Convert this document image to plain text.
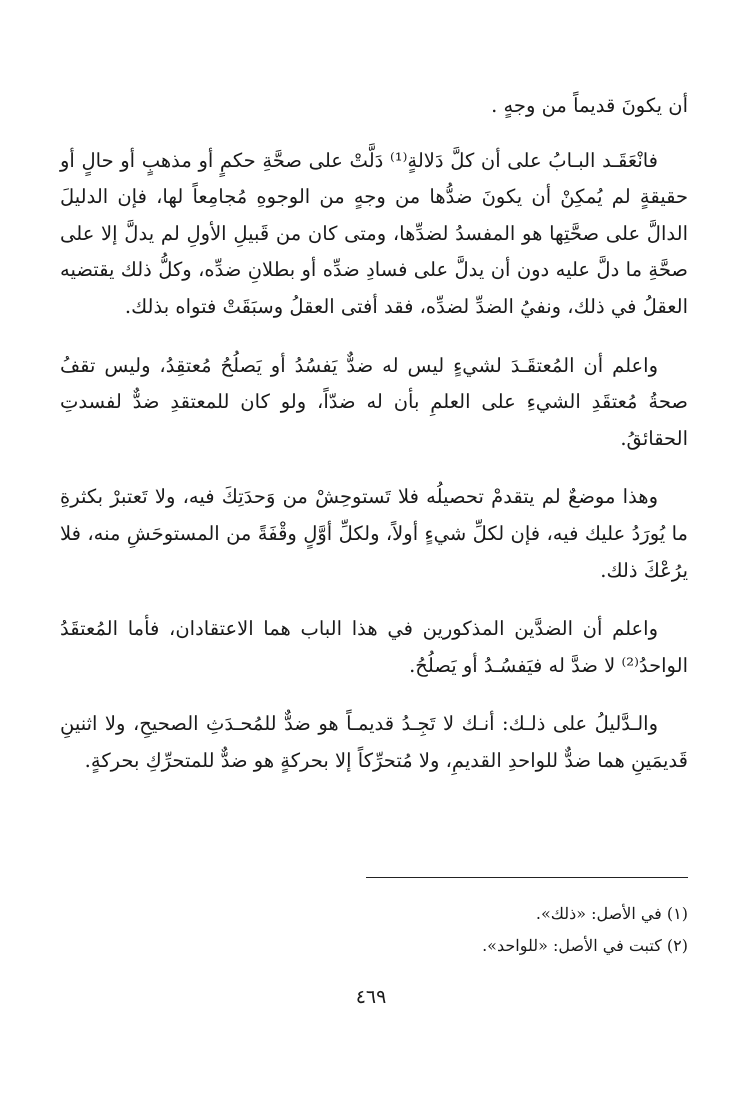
أن يكونَ قديماً من وجهٍ .

فانْعَقَـد البـابُ على أن كلَّ دَلالةٍ⁽¹⁾ دَلَّتْ على صحَّةِ حكمٍ أو مذهبٍ أو حالٍ أو حقيقةٍ لم يُمكِنْ أن يكونَ ضدُّها من وجهٍ من الوجوهِ مُجامِعاً لها، فإن الدليلَ الدالَّ على صحَّتِها هو المفسدُ لضدِّها، ومتى كان من قَبيلِ الأولِ لم يدلَّ إلا على صحَّةِ ما دلَّ عليه دون أن يدلَّ على فسادِ ضدِّه أو بطلانِ ضدِّه، وكلُّ ذلك يقتضيه العقلُ في ذلك، ونفيُ الضدِّ لضدِّه، فقد أفتى العقلُ وسبَقَتْ فتواه بذلك.

واعلم أن المُعتقَـدَ لشيءٍ ليس له ضدٌّ يَفسُدُ أو يَصلُحُ مُعتقِدُ، وليس تقفُ صحةُ مُعتقَدِ الشيءِ على العلمِ بأن له ضدّاً، ولو كان للمعتقدِ ضدٌّ لفسدتِ الحقائقُ.

وهذا موضعٌ لم يتقدمْ تحصيلُه فلا تَستوحِشْ من وَحدَتِكَ فيه، ولا تَعتبرْ بكثرةِ ما يُورَدُ عليك فيه، فإن لكلِّ شيءٍ أولاً، ولكلِّ أوَّلٍ وقْفَةً من المستوحَشِ منه، فلا يرُعْكَ ذلك.

واعلم أن الضدَّين المذكورين في هذا الباب هما الاعتقادان، فأما المُعتقَدُ الواحدُ⁽²⁾ لا ضدَّ له فيَفسُـدُ أو يَصلُحُ.

والـدَّليلُ على ذلـك: أنـك لا تَجِـدُ قديمـاً هو ضدٌّ للمُحـدَثِ الصحيحِ، ولا اثنينِ قَديمَينِ هما ضدٌّ للواحدِ القديمِ، ولا مُتحرِّكاً إلا بحركةٍ هو ضدٌّ للمتحرِّكِ بحركةٍ.

(١) في الأصل: «ذلك».

(٢) كتبت في الأصل: «للواحد».

٤٦٩
